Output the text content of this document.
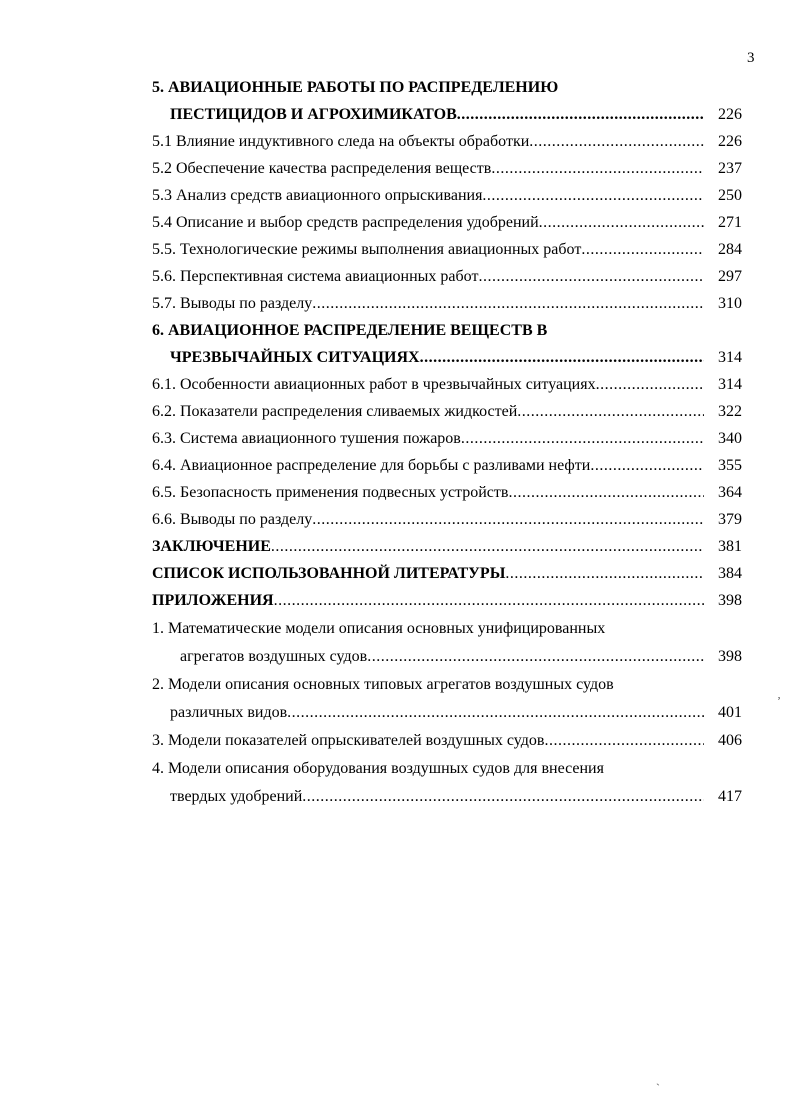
3
5. АВИАЦИОННЫЕ РАБОТЫ ПО РАСПРЕДЕЛЕНИЮ
ПЕСТИЦИДОВ И АГРОХИМИКАТОВ .....	226
5.1 Влияние индуктивного следа на объекты обработки .....	226
5.2 Обеспечение качества распределения веществ .....	237
5.3 Анализ средств авиационного опрыскивания .....	250
5.4 Описание и выбор средств распределения удобрений .....	271
5.5. Технологические режимы выполнения авиационных работ .....	284
5.6. Перспективная система авиационных работ .....	297
5.7. Выводы по разделу .....	310
6. АВИАЦИОННОЕ РАСПРЕДЕЛЕНИЕ ВЕЩЕСТВ В
ЧРЕЗВЫЧАЙНЫХ СИТУАЦИЯХ .....	314
6.1. Особенности авиационных работ в чрезвычайных ситуациях .....	314
6.2. Показатели распределения сливаемых жидкостей .....	322
6.3. Система авиационного тушения пожаров .....	340
6.4. Авиационное распределение для борьбы с разливами нефти .....	355
6.5. Безопасность применения подвесных устройств .....	364
6.6. Выводы по разделу .....	379
ЗАКЛЮЧЕНИЕ .....	381
СПИСОК ИСПОЛЬЗОВАННОЙ ЛИТЕРАТУРЫ .....	384
ПРИЛОЖЕНИЯ .....	398
1. Математические модели описания основных унифицированных
агрегатов воздушных судов .....	398
2. Модели описания основных типовых агрегатов воздушных судов
различных видов .....	401
3. Модели показателей опрыскивателей воздушных судов .....	406
4. Модели описания оборудования воздушных судов для внесения
твердых удобрений .....	417
ʼ
ˏ
